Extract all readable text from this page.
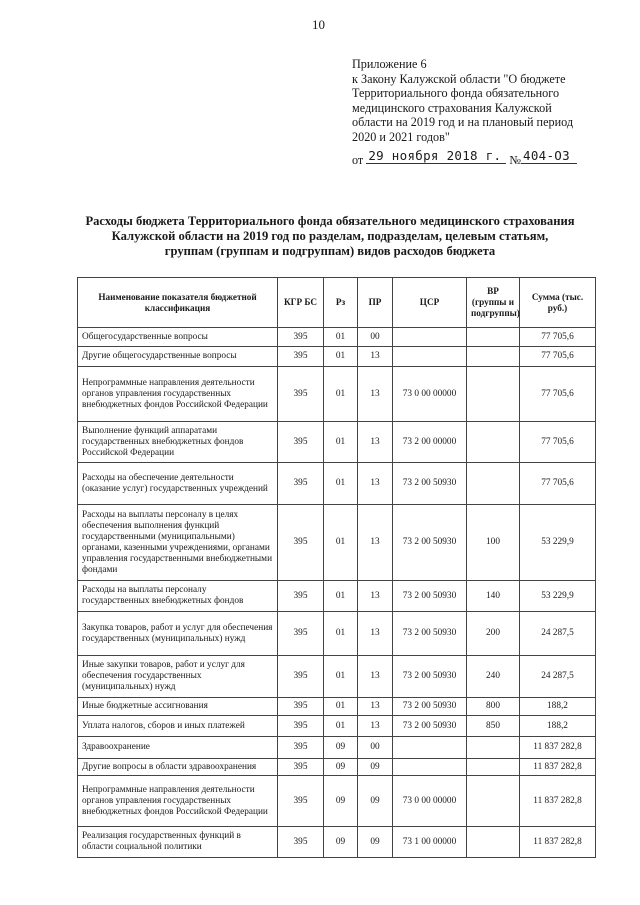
10
Приложение 6
к Закону Калужской области "О бюджете
Территориального фонда обязательного
медицинского страхования Калужской
области на 2019 год и на плановый период
2020 и 2021 годов"
от 29 ноября 2018 г. № 404-ОЗ
Расходы бюджета Территориального фонда обязательного медицинского страхования
Калужской области на 2019 год по разделам, подразделам, целевым статьям,
группам (группам и подгруппам) видов расходов бюджета
Наименование показателя бюджетной классификация	КГР БС	Рз	ПР	ЦСР	ВР (группы и подгруппы)	Сумма (тыс. руб.)
Общегосударственные вопросы	395	01	00			77 705,6
Другие общегосударственные вопросы	395	01	13			77 705,6
Непрограммные направления деятельности органов управления государственных внебюджетных фондов Российской Федерации	395	01	13	73 0 00 00000		77 705,6
Выполнение функций аппаратами государственных внебюджетных фондов Российской Федерации	395	01	13	73 2 00 00000		77 705,6
Расходы на обеспечение деятельности (оказание услуг) государственных учреждений	395	01	13	73 2 00 50930		77 705,6
Расходы на выплаты персоналу в целях обеспечения выполнения функций государственными (муниципальными) органами, казенными учреждениями, органами управления государственными внебюджетными фондами	395	01	13	73 2 00 50930	100	53 229,9
Расходы на выплаты персоналу государственных внебюджетных фондов	395	01	13	73 2 00 50930	140	53 229,9
Закупка товаров, работ и услуг для обеспечения государственных (муниципальных) нужд	395	01	13	73 2 00 50930	200	24 287,5
Иные закупки товаров, работ и услуг для обеспечения государственных (муниципальных) нужд	395	01	13	73 2 00 50930	240	24 287,5
Иные бюджетные ассигнования	395	01	13	73 2 00 50930	800	188,2
Уплата налогов, сборов и иных платежей	395	01	13	73 2 00 50930	850	188,2
Здравоохранение	395	09	00			11 837 282,8
Другие вопросы в области здравоохранения	395	09	09			11 837 282,8
Непрограммные направления деятельности органов управления государственных внебюджетных фондов Российской Федерации	395	09	09	73 0 00 00000		11 837 282,8
Реализация государственных функций в области социальной политики	395	09	09	73 1 00 00000		11 837 282,8
